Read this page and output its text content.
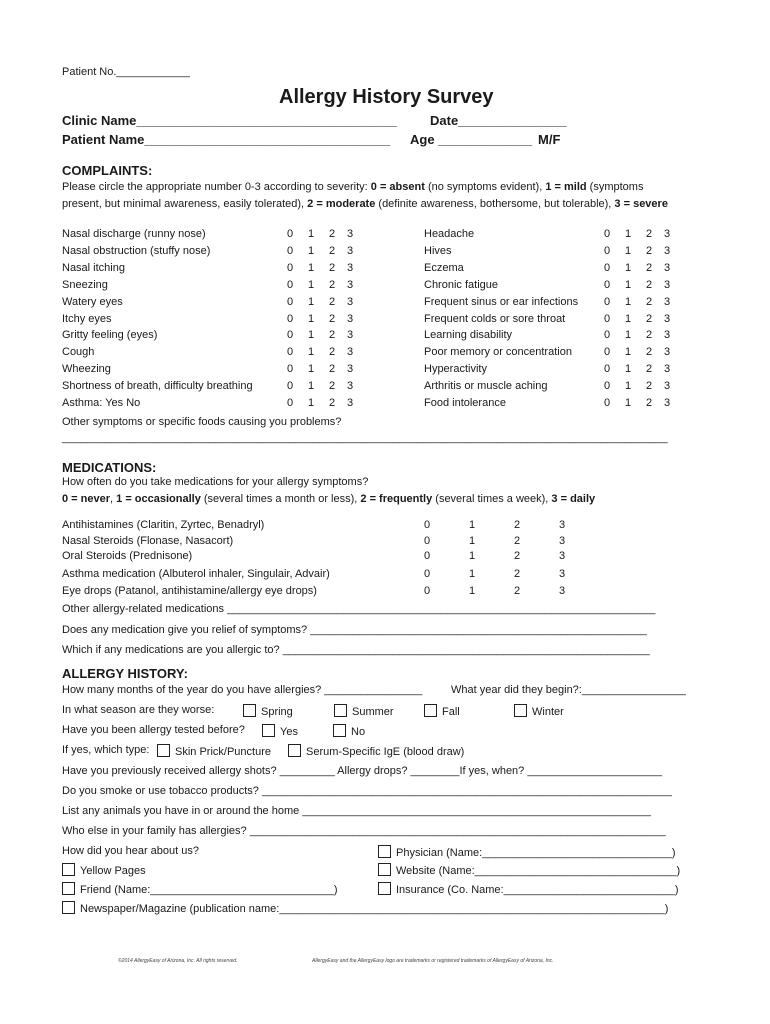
Patient No.____________
Allergy History Survey
Clinic Name____________________________________	Date_______________
Patient Name__________________________________ Age _____________ M/F
COMPLAINTS:
Please circle the appropriate number 0-3 according to severity: 0 = absent (no symptoms evident), 1 = mild (symptoms
present, but minimal awareness, easily tolerated), 2 = moderate (definite awareness, bothersome, but tolerable), 3 = severe
Nasal discharge (runny nose)	0 1 2 3
Nasal obstruction (stuffy nose)	0 1 2 3
Nasal itching	0 1 2 3
Sneezing	0 1 2 3
Watery eyes	0 1 2 3
Itchy eyes	0 1 2 3
Gritty feeling (eyes)	0 1 2 3
Cough	0 1 2 3
Wheezing	0 1 2 3
Shortness of breath, difficulty breathing	0 1 2 3
Asthma: Yes No	0 1 2 3
Headache	0 1 2 3
Hives	0 1 2 3
Eczema	0 1 2 3
Chronic fatigue	0 1 2 3
Frequent sinus or ear infections 0 1 2 3
Frequent colds or sore throat	0 1 2 3
Learning disability	0 1 2 3
Poor memory or concentration	0 1 2 3
Hyperactivity	0 1 2 3
Arthritis or muscle aching	0 1 2 3
Food intolerance	0 1 2 3
Other symptoms or specific foods causing you problems?
___________________________________________________________________________________________________
MEDICATIONS:
How often do you take medications for your allergy symptoms?
0 = never, 1 = occasionally (several times a month or less), 2 = frequently (several times a week), 3 = daily
Antihistamines (Claritin, Zyrtec, Benadryl)	0	1	2	3
Nasal Steroids (Flonase, Nasacort)	0	1	2	3
Oral Steroids (Prednisone)	0	1	2	3
Asthma medication (Albuterol inhaler, Singulair, Advair)	0	1	2	3
Eye drops (Patanol, antihistamine/allergy eye drops)	0	1	2	3
Other allergy-related medications ______________________________________________________________________
Does any medication give you relief of symptoms? _______________________________________________________
Which if any medications are you allergic to? ____________________________________________________________
ALLERGY HISTORY:
How many months of the year do you have allergies? ________________	What year did they begin?:_________________
In what season are they worse:	Spring	Summer	Fall	Winter
Have you been allergy tested before?	Yes	No
If yes, which type:	Skin Prick/Puncture	Serum-Specific IgE (blood draw)
Have you previously received allergy shots? _________ Allergy drops? ________If yes, when? ______________________
Do you smoke or use tobacco products? ___________________________________________________________________
List any animals you have in or around the home _________________________________________________________
Who else in your family has allergies? ____________________________________________________________________
How did you hear about us?
Yellow Pages
Friend (Name:______________________________)
Newspaper/Magazine (publication name:_______________________________________________________________)
Physician (Name:_______________________________)
Website (Name:_________________________________)
Insurance (Co. Name:____________________________)
©2014 AllergyEasy of Arizona, Inc. All rights reserved.	AllergyEasy and the AllergyEasy logo are trademarks or registered trademarks of AllergyEasy of Arizona, Inc.
